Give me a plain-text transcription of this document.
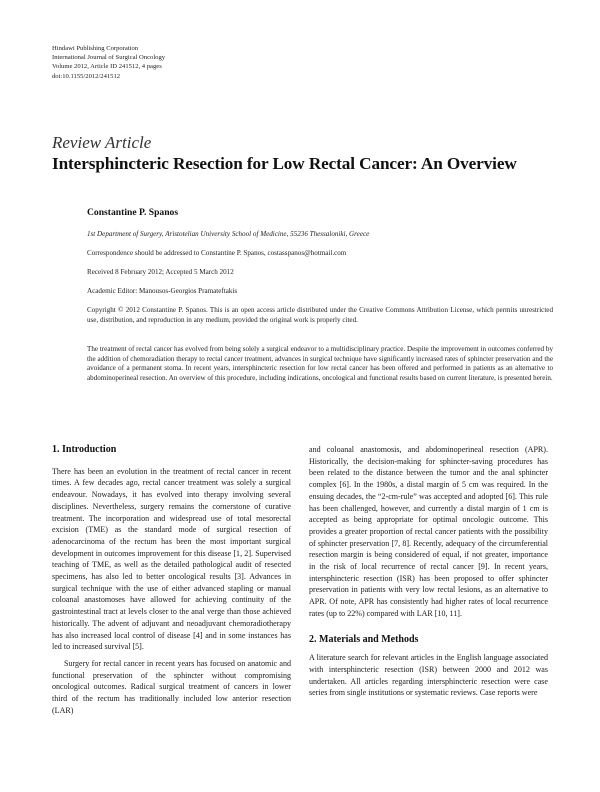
Hindawi Publishing Corporation
International Journal of Surgical Oncology
Volume 2012, Article ID 241512, 4 pages
doi:10.1155/2012/241512
Review Article
Intersphincteric Resection for Low Rectal Cancer: An Overview
Constantine P. Spanos

1st Department of Surgery, Aristotelian University School of Medicine, 55236 Thessaloniki, Greece

Correspondence should be addressed to Constantine P. Spanos, costasspanos@hotmail.com

Received 8 February 2012; Accepted 5 March 2012

Academic Editor: Manousos-Georgios Pramateftakis

Copyright © 2012 Constantine P. Spanos. This is an open access article distributed under the Creative Commons Attribution License, which permits unrestricted use, distribution, and reproduction in any medium, provided the original work is properly cited.

The treatment of rectal cancer has evolved from being solely a surgical endeavor to a multidisciplinary practice. Despite the improvement in outcomes conferred by the addition of chemoradiation therapy to rectal cancer treatment, advances in surgical technique have significantly increased rates of sphincter preservation and the avoidance of a permanent stoma. In recent years, intersphincteric resection for low rectal cancer has been offered and performed in patients as an alternative to abdominoperineal resection. An overview of this procedure, including indications, oncological and functional results based on current literature, is presented herein.

1. Introduction

There has been an evolution in the treatment of rectal cancer in recent times. A few decades ago, rectal cancer treatment was solely a surgical endeavour. Nowadays, it has evolved into therapy involving several disciplines. Nevertheless, surgery remains the cornerstone of curative treatment. The incorporation and widespread use of total mesorectal excision (TME) as the standard mode of surgical resection of adenocarcinoma of the rectum has been the most important surgical development in outcomes improvement for this disease [1, 2]. Supervised teaching of TME, as well as the detailed pathological audit of resected specimens, has also led to better oncological results [3]. Advances in surgical technique with the use of either advanced stapling or manual coloanal anastomoses have allowed for achieving continuity of the gastrointestinal tract at levels closer to the anal verge than those achieved historically. The advent of adjuvant and neoadjuvant chemoradiotherapy has also increased local control of disease [4] and in some instances has led to increased survival [5].

Surgery for rectal cancer in recent years has focused on anatomic and functional preservation of the sphincter without compromising oncological outcomes. Radical surgical treatment of cancers in lower third of the rectum has traditionally included low anterior resection (LAR)

and coloanal anastomosis, and abdominoperineal resection (APR). Historically, the decision-making for sphincter-saving procedures has been related to the distance between the tumor and the anal sphincter complex [6]. In the 1980s, a distal margin of 5 cm was required. In the ensuing decades, the “2-cm-rule” was accepted and adopted [6]. This rule has been challenged, however, and currently a distal margin of 1 cm is accepted as being appropriate for optimal oncologic outcome. This provides a greater proportion of rectal cancer patients with the possibility of sphincter preservation [7, 8]. Recently, adequacy of the circumferential resection margin is being considered of equal, if not greater, importance in the risk of local recurrence of rectal cancer [9]. In recent years, intersphincteric resection (ISR) has been proposed to offer sphincter preservation in patients with very low rectal lesions, as an alternative to APR. Of note, APR has consistently had higher rates of local recurrence rates (up to 22%) compared with LAR [10, 11].

2. Materials and Methods

A literature search for relevant articles in the English language associated with intersphincteric resection (ISR) between 2000 and 2012 was undertaken. All articles regarding intersphincteric resection were case series from single institutions or systematic reviews. Case reports were
